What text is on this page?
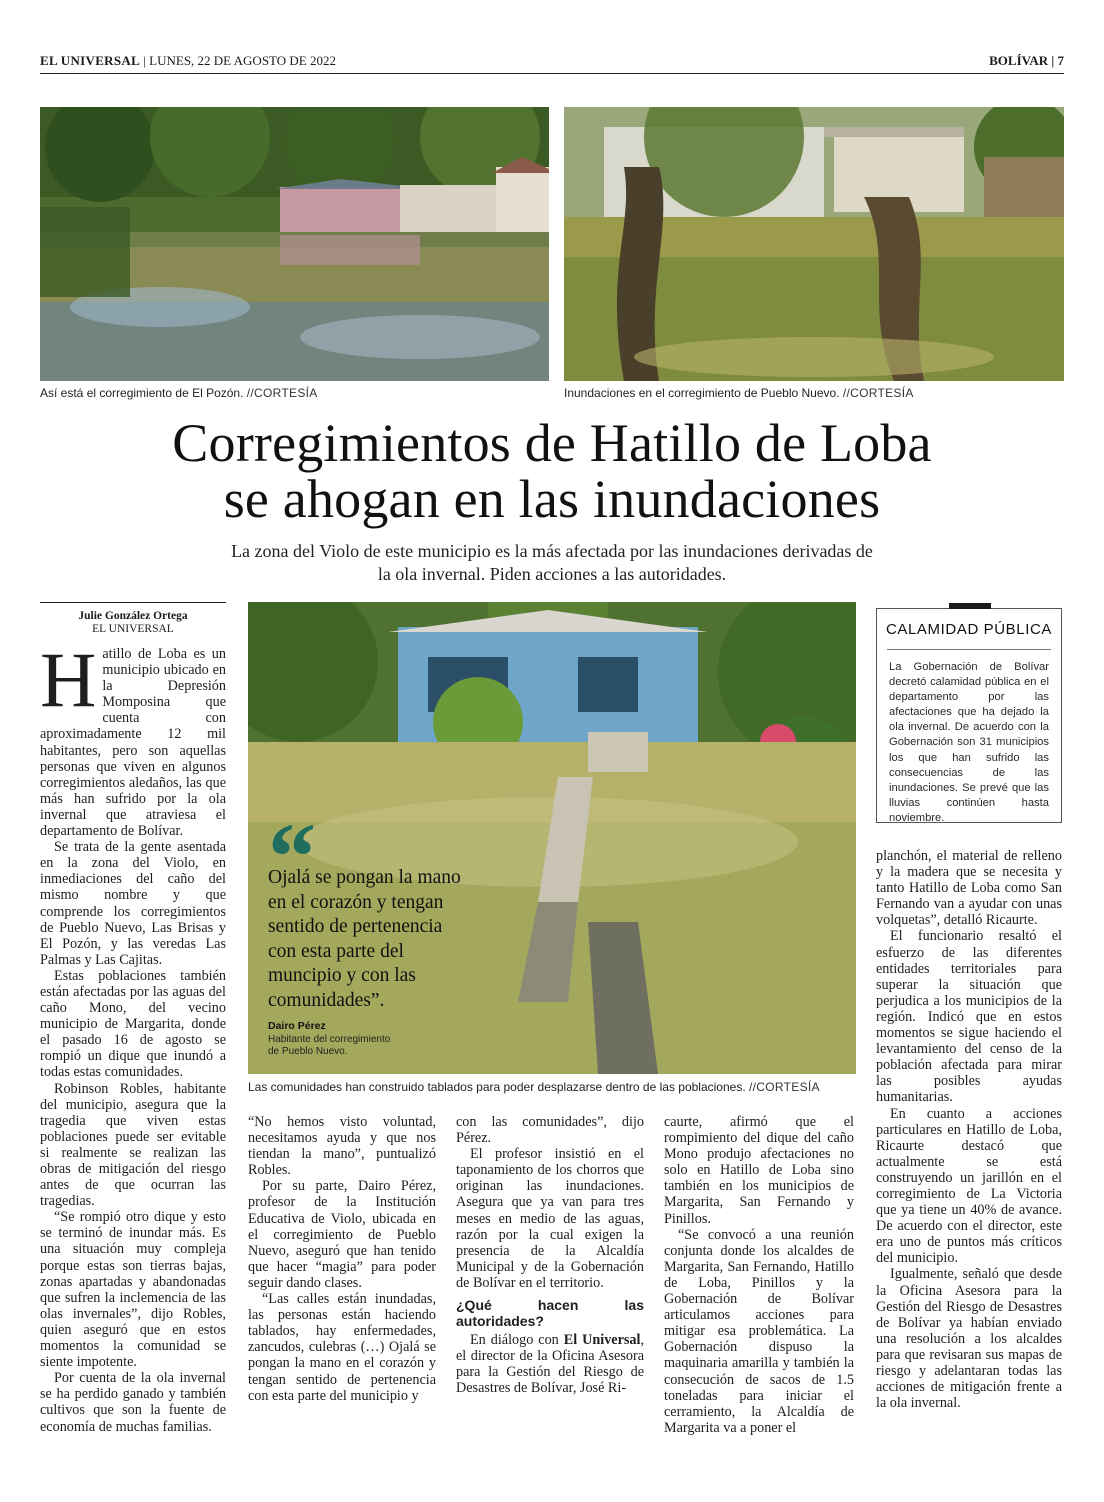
EL UNIVERSAL | LUNES, 22 DE AGOSTO DE 2022	BOLÍVAR | 7
Así está el corregimiento de El Pozón. //CORTESÍA	Inundaciones en el corregimiento de Pueblo Nuevo. //CORTESÍA
Corregimientos de Hatillo de Loba
se ahogan en las inundaciones
La zona del Violo de este municipio es la más afectada por las inundaciones derivadas de
la ola invernal. Piden acciones a las autoridades.
Julie González Ortega
EL UNIVERSAL

Hatillo de Loba es un municipio ubicado en la Depresión Momposina que cuenta con aproximadamente 12 mil habitantes, pero son aquellas personas que viven en algunos corregimientos aledaños, las que más han sufrido por la ola invernal que atraviesa el departamento de Bolívar.

Se trata de la gente asentada en la zona del Violo, en inmediaciones del caño del mismo nombre y que comprende los corregimientos de Pueblo Nuevo, Las Brisas y El Pozón, y las veredas Las Palmas y Las Cajitas.

Estas poblaciones también están afectadas por las aguas del caño Mono, del vecino municipio de Margarita, donde el pasado 16 de agosto se rompió un dique que inundó a todas estas comunidades.

Robinson Robles, habitante del municipio, asegura que la tragedia que viven estas poblaciones puede ser evitable si realmente se realizan las obras de mitigación del riesgo antes de que ocurran las tragedias.

“Se rompió otro dique y esto se terminó de inundar más. Es una situación muy compleja porque estas son tierras bajas, zonas apartadas y abandonadas que sufren la inclemencia de las olas invernales”, dijo Robles, quien aseguró que en estos momentos la comunidad se siente impotente.

Por cuenta de la ola invernal se ha perdido ganado y también cultivos que son la fuente de economía de muchas familias.

“
Ojalá se pongan la mano en el corazón y tengan sentido de pertenencia con esta parte del muncipio y con las comunidades”.
Dairo Pérez
Habitante del corregimiento de Pueblo Nuevo.
Las comunidades han construido tablados para poder desplazarse dentro de las poblaciones. //CORTESÍA
CALAMIDAD PÚBLICA
La Gobernación de Bolívar decretó calamidad pública en el departamento por las afectaciones que ha dejado la ola invernal. De acuerdo con la Gobernación son 31 municipios los que han sufrido las consecuencias de las inundaciones. Se prevé que las lluvias continúen hasta noviembre.

“No hemos visto voluntad, necesitamos ayuda y que nos tiendan la mano”, puntualizó Robles.

Por su parte, Dairo Pérez, profesor de la Institución Educativa de Violo, ubicada en el corregimiento de Pueblo Nuevo, aseguró que han tenido que hacer “magia” para poder seguir dando clases.

“Las calles están inundadas, las personas están haciendo tablados, hay enfermedades, zancudos, culebras (…) Ojalá se pongan la mano en el corazón y tengan sentido de pertenencia con esta parte del municipio y

con las comunidades”, dijo Pérez.

El profesor insistió en el taponamiento de los chorros que originan las inundaciones. Asegura que ya van para tres meses en medio de las aguas, razón por la cual exigen la presencia de la Alcaldía Municipal y de la Gobernación de Bolívar en el territorio.

¿Qué hacen las autoridades?

En diálogo con El Universal, el director de la Oficina Asesora para la Gestión del Riesgo de Desastres de Bolívar, José Ri-

caurte, afirmó que el rompimiento del dique del caño Mono produjo afectaciones no solo en Hatillo de Loba sino también en los municipios de Margarita, San Fernando y Pinillos.

“Se convocó a una reunión conjunta donde los alcaldes de Margarita, San Fernando, Hatillo de Loba, Pinillos y la Gobernación de Bolívar articulamos acciones para mitigar esa problemática. La Gobernación dispuso la maquinaria amarilla y también la consecución de sacos de 1.5 toneladas para iniciar el cerramiento, la Alcaldía de Margarita va a poner el

planchón, el material de relleno y la madera que se necesita y tanto Hatillo de Loba como San Fernando van a ayudar con unas volquetas”, detalló Ricaurte.

El funcionario resaltó el esfuerzo de las diferentes entidades territoriales para superar la situación que perjudica a los municipios de la región. Indicó que en estos momentos se sigue haciendo el levantamiento del censo de la población afectada para mirar las posibles ayudas humanitarias.

En cuanto a acciones particulares en Hatillo de Loba, Ricaurte destacó que actualmente se está construyendo un jarillón en el corregimiento de La Victoria que ya tiene un 40% de avance. De acuerdo con el director, este era uno de puntos más críticos del municipio.

Igualmente, señaló que desde la Oficina Asesora para la Gestión del Riesgo de Desastres de Bolívar ya habían enviado una resolución a los alcaldes para que revisaran sus mapas de riesgo y adelantaran todas las acciones de mitigación frente a la ola invernal.
